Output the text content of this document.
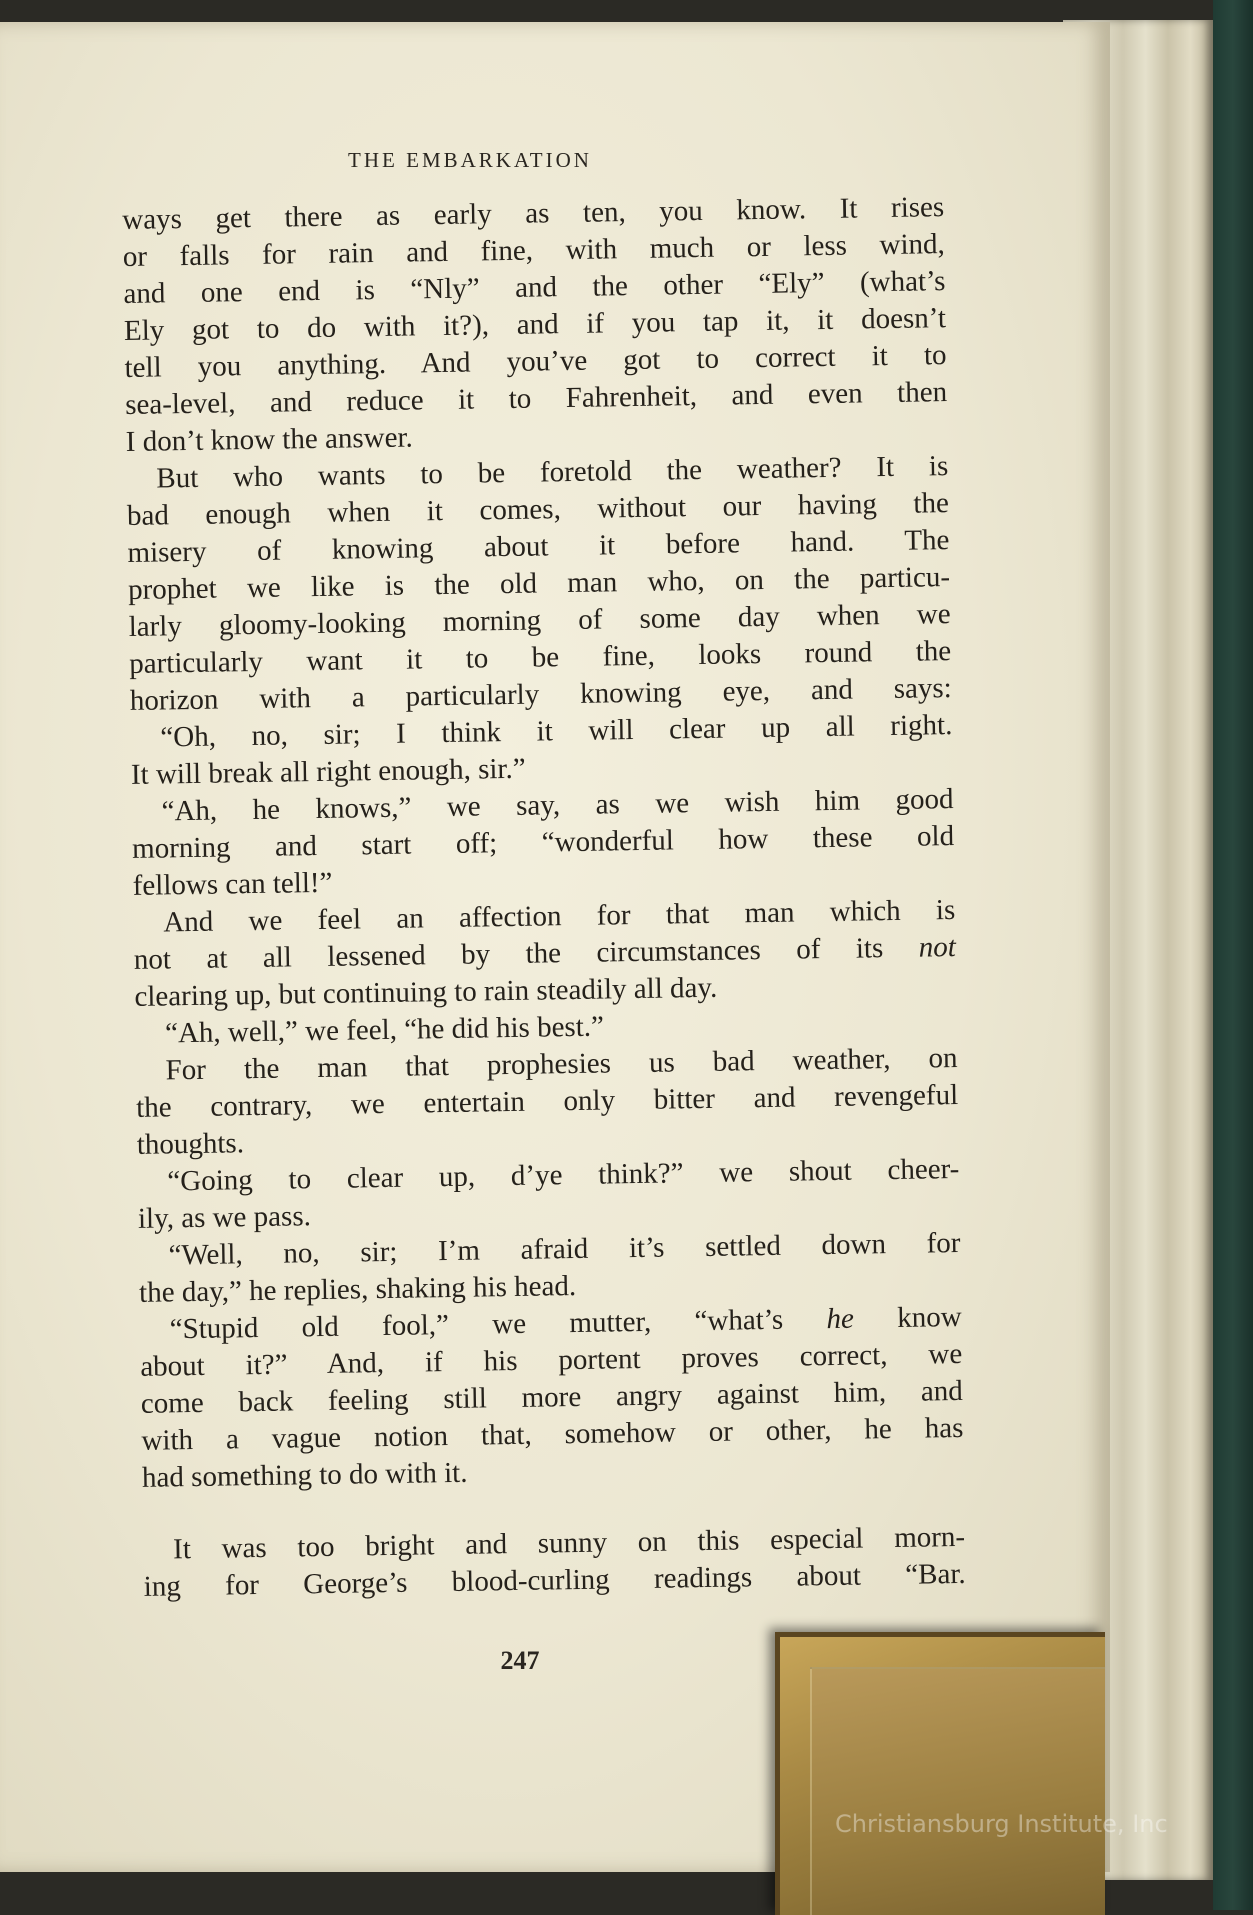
THE EMBARKATION
ways get there as early as ten, you know. It rises
or falls for rain and fine, with much or less wind,
and one end is “Nly” and the other “Ely” (what’s
Ely got to do with it?), and if you tap it, it doesn’t
tell you anything. And you’ve got to correct it to
sea-level, and reduce it to Fahrenheit, and even then
I don’t know the answer.
But who wants to be foretold the weather? It is
bad enough when it comes, without our having the
misery of knowing about it before hand. The
prophet we like is the old man who, on the particu-
larly gloomy-looking morning of some day when we
particularly want it to be fine, looks round the
horizon with a particularly knowing eye, and says:
“Oh, no, sir; I think it will clear up all right.
It will break all right enough, sir.”
“Ah, he knows,” we say, as we wish him good
morning and start off; “wonderful how these old
fellows can tell!”
And we feel an affection for that man which is
not at all lessened by the circumstances of its not
clearing up, but continuing to rain steadily all day.
“Ah, well,” we feel, “he did his best.”
For the man that prophesies us bad weather, on
the contrary, we entertain only bitter and revengeful
thoughts.
“Going to clear up, d’ye think?” we shout cheer-
ily, as we pass.
“Well, no, sir; I’m afraid it’s settled down for
the day,” he replies, shaking his head.
“Stupid old fool,” we mutter, “what’s he know
about it?” And, if his portent proves correct, we
come back feeling still more angry against him, and
with a vague notion that, somehow or other, he has
had something to do with it.
It was too bright and sunny on this especial morn-
ing for George’s blood-curling readings about “Bar.
247
Christiansburg Institute, Inc
